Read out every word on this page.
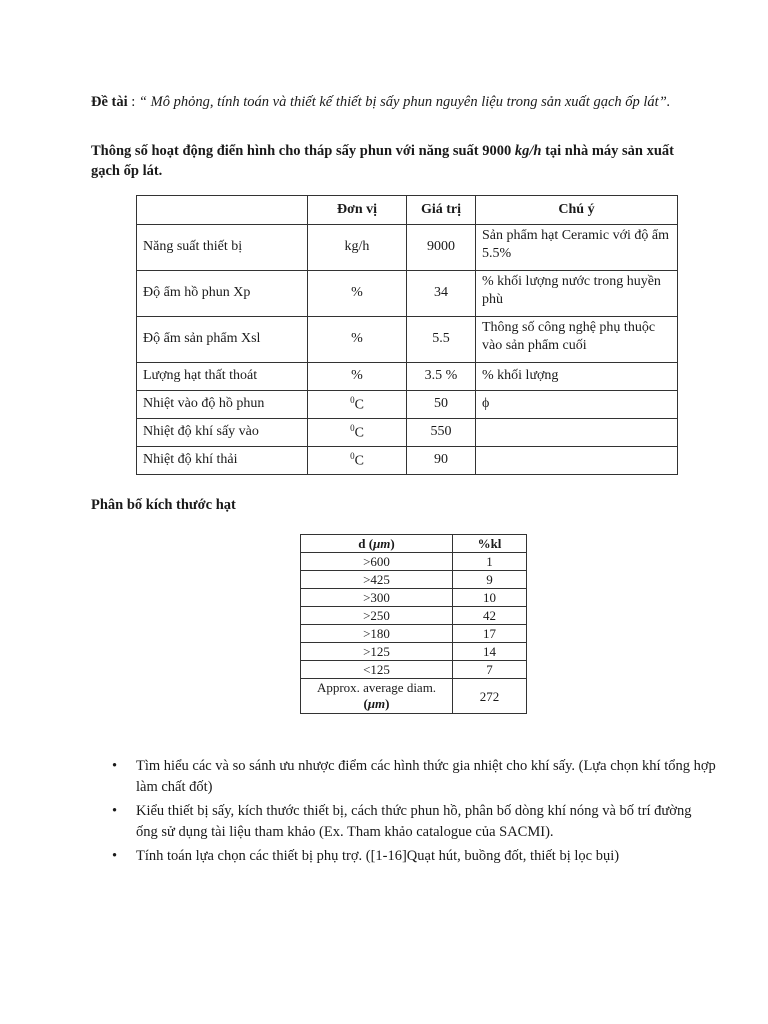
Đề tài : “ Mô phỏng, tính toán và thiết kế thiết bị sấy phun nguyên liệu trong sản xuất gạch ốp lát”.

Thông số hoạt động điển hình cho tháp sấy phun với năng suất 9000 kg/h tại nhà máy sản xuất gạch ốp lát.

	Đơn vị	Giá trị	Chú ý
Năng suất thiết bị	kg/h	9000	Sản phẩm hạt Ceramic với độ ẩm 5.5%
Độ ẩm hồ phun Xp	%	34	% khối lượng nước trong huyền phù
Độ ẩm sản phẩm Xsl	%	5.5	Thông số công nghệ phụ thuộc vào sản phẩm cuối
Lượng hạt thất thoát	%	3.5 %	% khối lượng
Nhiệt vào độ hồ phun	$^0$C	50	ϕ
Nhiệt độ khí sấy vào	$^0$C	550	
Nhiệt độ khí thải	$^0$C	90	

Phân bố kích thước hạt

d (μm)	%kl
>600	1
>425	9
>300	10
>250	42
>180	17
>125	14
<125	7
Approx. average diam.
(μm)	272
• Tìm hiểu các và so sánh ưu nhược điểm các hình thức gia nhiệt cho khí sấy. (Lựa chọn khí tổng hợp làm chất đốt)
• Kiểu thiết bị sấy, kích thước thiết bị, cách thức phun hồ, phân bố dòng khí nóng và bố trí đường ống sử dụng tài liệu tham khảo (Ex. Tham khảo catalogue của SACMI).
• Tính toán lựa chọn các thiết bị phụ trợ. ([1-16]Quạt hút, buồng đốt, thiết bị lọc bụi)
